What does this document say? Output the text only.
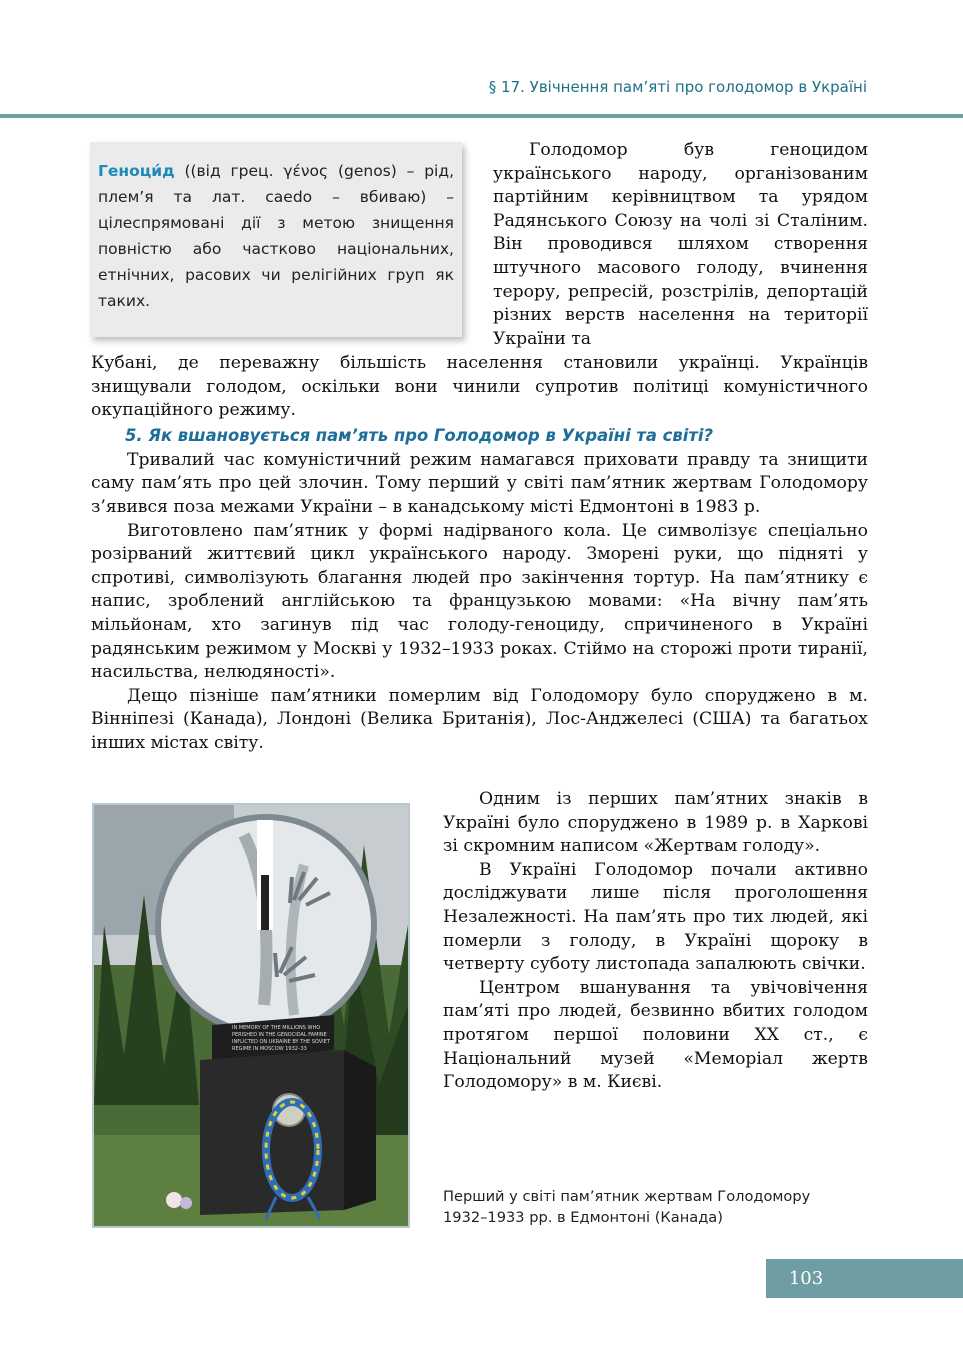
§ 17. Увічнення пам’яті про голодомор в Україні
Геноци́д ((від грец. γένος (genos) – рід, плем’я та лат. caedo – вбиваю) – цілеспрямовані дії з метою знищення повністю або частково національних, етнічних, расових чи релігійних груп як таких.

Голодомор був геноцидом українського народу, організованим партійним керівництвом та урядом Радянського Союзу на чолі зі Сталіним. Він проводився шляхом створення штучного масового голоду, вчинення терору, репресій, розстрілів, депортацій різних верств населення на території України та

Кубані, де переважну більшість населення становили українці. Українців знищували голодом, оскільки вони чинили супротив політиці комуністичного окупаційного режиму.

5. Як вшановується пам’ять про Голодомор в Україні та світі?

Тривалий час комуністичний режим намагався приховати правду та знищити саму пам’ять про цей злочин. Тому перший у світі пам’ятник жертвам Голодомору з’явився поза межами України – в канадському місті Едмонтоні в 1983 р.

Виготовлено пам’ятник у формі надірваного кола. Це символізує спеціально розірваний життєвий цикл українського народу. Зморені руки, що підняті у спротиві, символізують благання людей про закінчення тортур. На пам’ятнику є напис, зроблений англійською та французькою мовами: «На вічну пам’ять мільйонам, хто загинув під час голоду-геноциду, спричиненого в Україні радянським режимом у Москві у 1932–1933 роках. Стіймо на сторожі проти тиранії, насильства, нелюдяності».

Дещо пізніше пам’ятники померлим від Голодомору було споруджено в м. Вінніпезі (Канада), Лондоні (Велика Британія), Лос-Анджелесі (США) та багатьох інших містах світу.

IN MEMORY OF THE MILLIONS WHO
PERISHED IN THE GENOCIDAL FAMINE
INFLICTED ON UKRAINE BY THE SOVIET
REGIME IN MOSCOW 1932–33

Одним із перших пам’ятних знаків в Україні було споруджено в 1989 р. в Харкові зі скромним написом «Жертвам голоду».

В Україні Голодомор почали активно досліджувати лише після проголошення Незалежності. На пам’ять про тих людей, які померли з голоду, в Україні щороку в четверту суботу листопада запалюють свічки.

Центром вшанування та увічовічення пам’яті про людей, безвинно вбитих голодом протягом першої половини XX ст., є Національний музей «Меморіал жертв Голодомору» в м. Києві.

Перший у світі пам’ятник жертвам Голодомору
1932–1933 рр. в Едмонтоні (Канада)
103
